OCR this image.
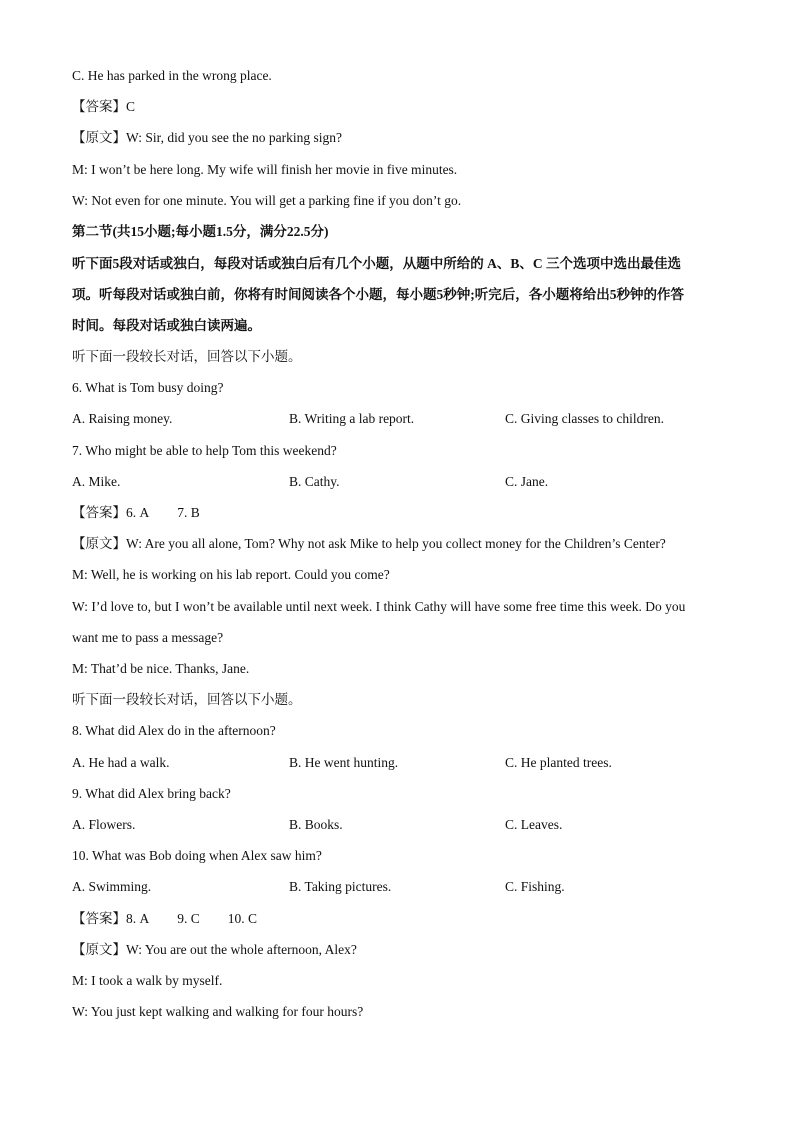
C. He has parked in the wrong place.
【答案】C
【原文】W: Sir, did you see the no parking sign?
M: I won’t be here long. My wife will finish her movie in five minutes.
W: Not even for one minute. You will get a parking fine if you don’t go.
第二节(共15小题;每小题1.5分，满分22.5分)
听下面5段对话或独白，每段对话或独白后有几个小题，从题中所给的 A、B、C 三个选项中选出最佳选
项。听每段对话或独白前，你将有时间阅读各个小题，每小题5秒钟;听完后，各小题将给出5秒钟的作答
时间。每段对话或独白读两遍。
听下面一段较长对话，回答以下小题。
6. What is Tom busy doing?
A. Raising money.	B. Writing a lab report.	C. Giving classes to children.
7. Who might be able to help Tom this weekend?
A. Mike.	B. Cathy.	C. Jane.
【答案】6. A 7. B
【原文】W: Are you all alone, Tom? Why not ask Mike to help you collect money for the Children’s Center?
M: Well, he is working on his lab report. Could you come?
W: I’d love to, but I won’t be available until next week. I think Cathy will have some free time this week. Do you
want me to pass a message?
M: That’d be nice. Thanks, Jane.
听下面一段较长对话，回答以下小题。
8. What did Alex do in the afternoon?
A. He had a walk.	B. He went hunting.	C. He planted trees.
9. What did Alex bring back?
A. Flowers.	B. Books.	C. Leaves.
10. What was Bob doing when Alex saw him?
A. Swimming.	B. Taking pictures.	C. Fishing.
【答案】8. A 9. C 10. C
【原文】W: You are out the whole afternoon, Alex?
M: I took a walk by myself.
W: You just kept walking and walking for four hours?
